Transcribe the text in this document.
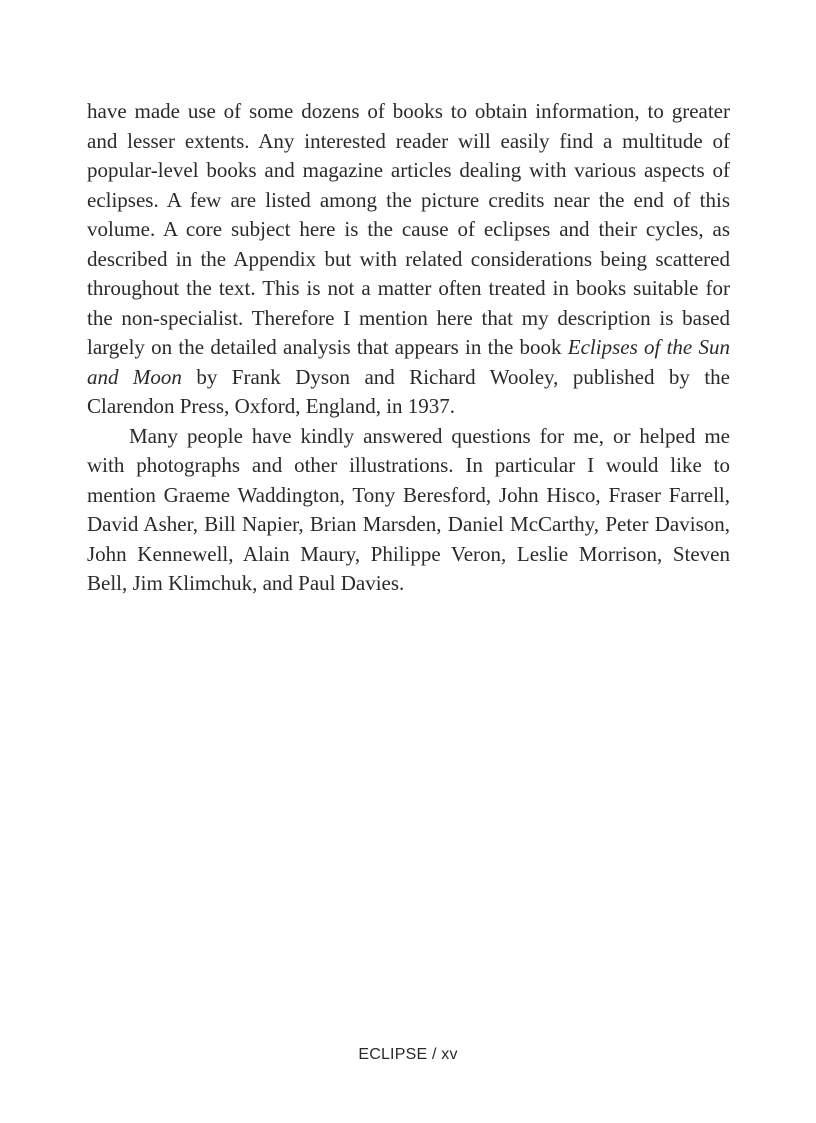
have made use of some dozens of books to obtain information, to greater and lesser extents. Any interested reader will easily find a multitude of popular-level books and magazine articles dealing with various aspects of eclipses. A few are listed among the picture credits near the end of this volume. A core subject here is the cause of eclipses and their cycles, as described in the Appendix but with related considerations being scattered throughout the text. This is not a matter often treated in books suitable for the non-specialist. Therefore I mention here that my description is based largely on the detailed analysis that appears in the book Eclipses of the Sun and Moon by Frank Dyson and Richard Wooley, published by the Clarendon Press, Oxford, England, in 1937.

Many people have kindly answered questions for me, or helped me with photographs and other illustrations. In particular I would like to mention Graeme Waddington, Tony Beresford, John Hisco, Fraser Farrell, David Asher, Bill Napier, Brian Marsden, Daniel McCarthy, Peter Davison, John Kennewell, Alain Maury, Philippe Veron, Leslie Morrison, Steven Bell, Jim Klimchuk, and Paul Davies.

ECLIPSE / xv
